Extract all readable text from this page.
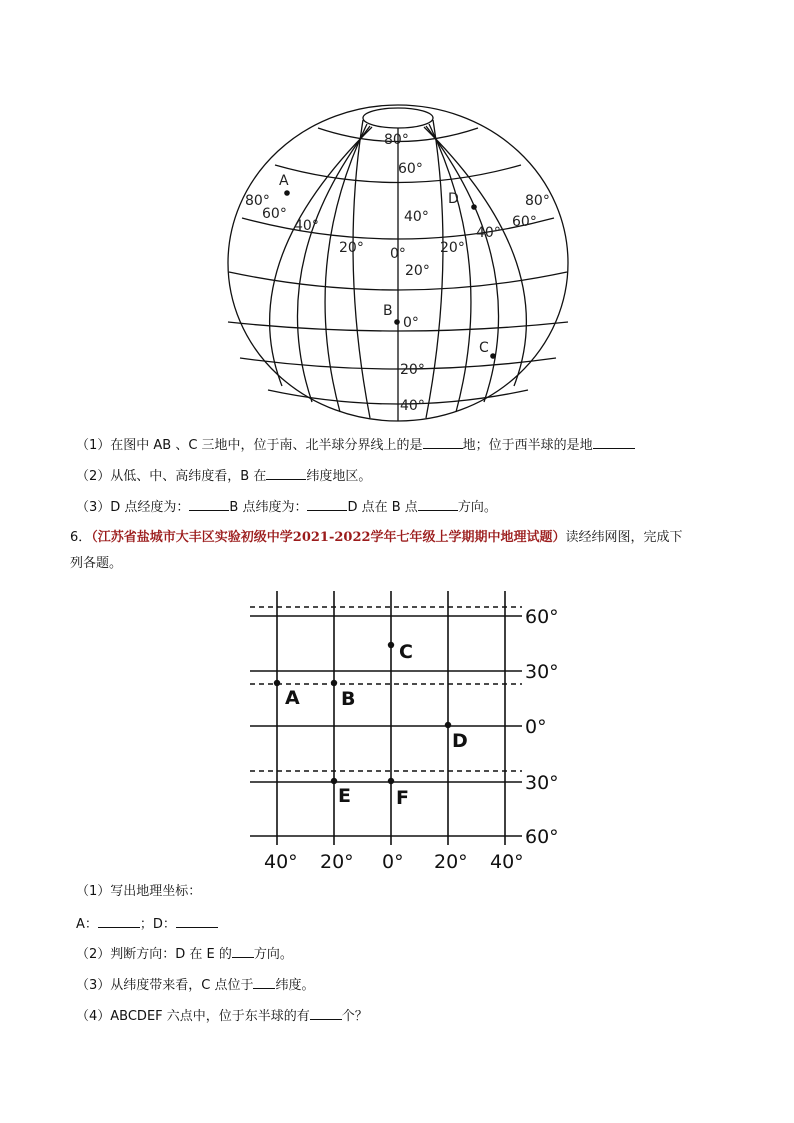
80°
60°
40°
20°
0°
20°
40°
80°
60°
80°
60°
40°
20° 0° 20°
40°
A
B
C
D
（1）在图中 AB 、C 三地中，位于南、北半球分界线上的是	地；位于西半球的是地
（2）从低、中、高纬度看，B 在	纬度地区。
（3）D 点经度为：	B 点纬度为：	D 点在 B 点	方向。
6．（江苏省盐城市大丰区实验初级中学2021-2022学年七年级上学期期中地理试题）读经纬网图，完成下
列各题。
A B
C
D
E F
60°
30°
0°
30°
60°
40° 20° 0° 20° 40°
（1）写出地理坐标：
A：	；D：
（2）判断方向：D 在 E 的 方向。
（3）从纬度带来看，C 点位于 纬度。
（4）ABCDEF 六点中，位于东半球的有 个？
